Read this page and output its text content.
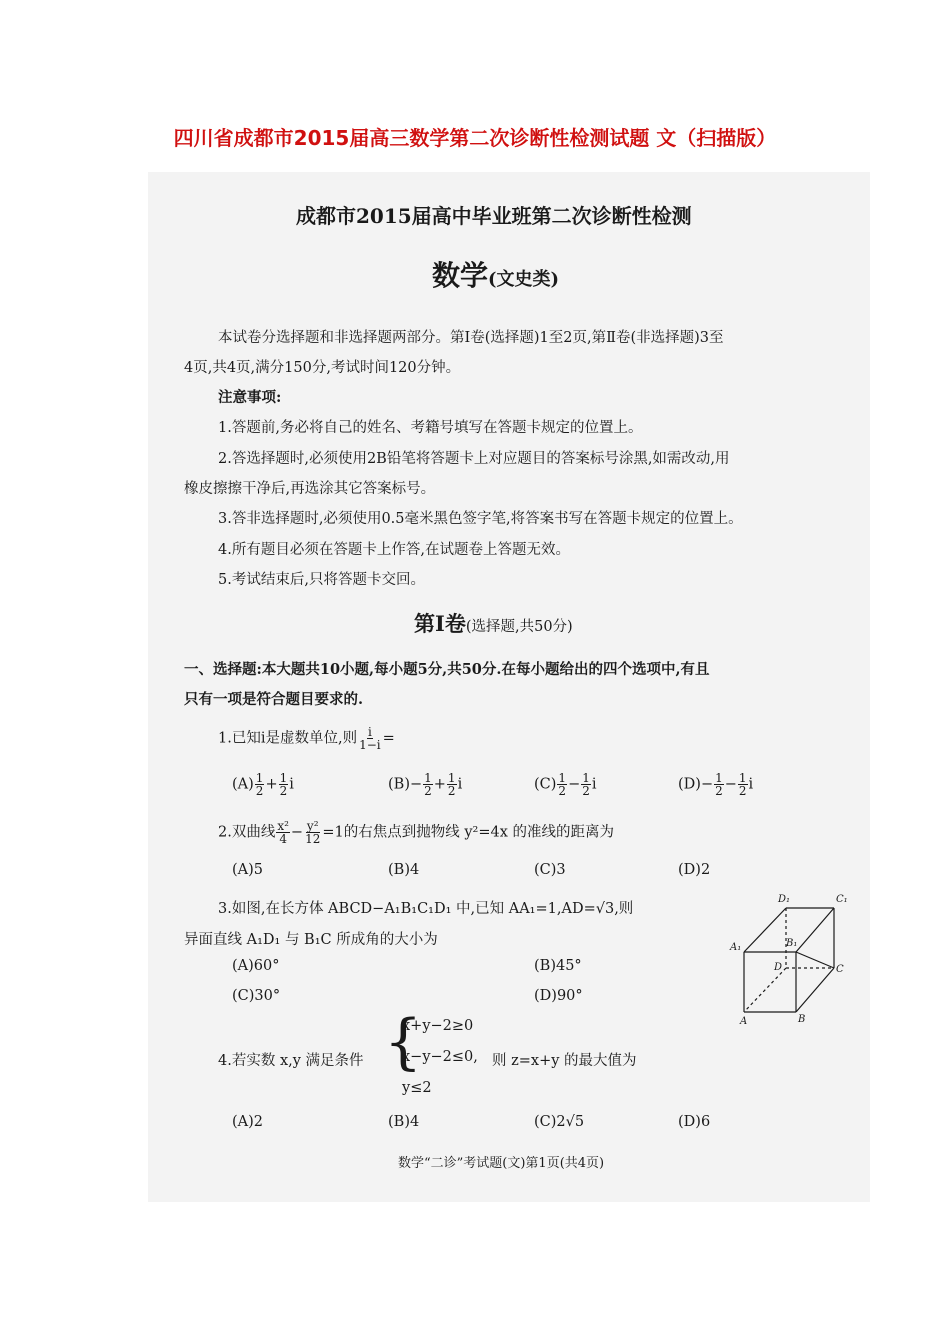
四川省成都市2015届高三数学第二次诊断性检测试题 文（扫描版）
成都市2015届高中毕业班第二次诊断性检测
数学(文史类)
本试卷分选择题和非选择题两部分。第Ⅰ卷(选择题)1至2页,第Ⅱ卷(非选择题)3至
4页,共4页,满分150分,考试时间120分钟。
注意事项:
1.答题前,务必将自己的姓名、考籍号填写在答题卡规定的位置上。
2.答选择题时,必须使用2B铅笔将答题卡上对应题目的答案标号涂黑,如需改动,用
橡皮擦擦干净后,再选涂其它答案标号。
3.答非选择题时,必须使用0.5毫米黑色签字笔,将答案书写在答题卡规定的位置上。
4.所有题目必须在答题卡上作答,在试题卷上答题无效。
5.考试结束后,只将答题卡交回。
第Ⅰ卷(选择题,共50分)
一、选择题:本大题共10小题,每小题5分,共50分.在每小题给出的四个选项中,有且
只有一项是符合题目要求的.
1.已知i是虚数单位,则 $\frac{i}{1-i}$ =
$(A) \frac{1}{2} + \frac{1}{2}$ i	$(B)- \frac{1}{2} + \frac{1}{2}$ i	$(C) \frac{1}{2} - \frac{1}{2}$ i	$(D)- \frac{1}{2} - \frac{1}{2}$ i
2.双曲线 $\frac{\text{x²}}{4} - \frac{\text{y²}}{12} =1$的右焦点到抛物线 y²=4x 的准线的距离为
(A)5	(B)4	(C)3	(D)2
3.如图,在长方体 ABCD−A₁B₁C₁D₁ 中,已知 AA₁=1,AD=√3,则
异面直线 A₁D₁ 与 B₁C 所成角的大小为
(A)60°	(B)45°
(C)30°	(D)90°
D₁	C₁
A₁	B₁
D	C
A	B
4.若实数 x,y 满足条件 {
x+y−2≥0
x−y−2≤0, 则 z=x+y 的最大值为
y≤2
(A)2	(B)4	(C)2√5	(D)6
数学“二诊”考试题(文)第1页(共4页)
